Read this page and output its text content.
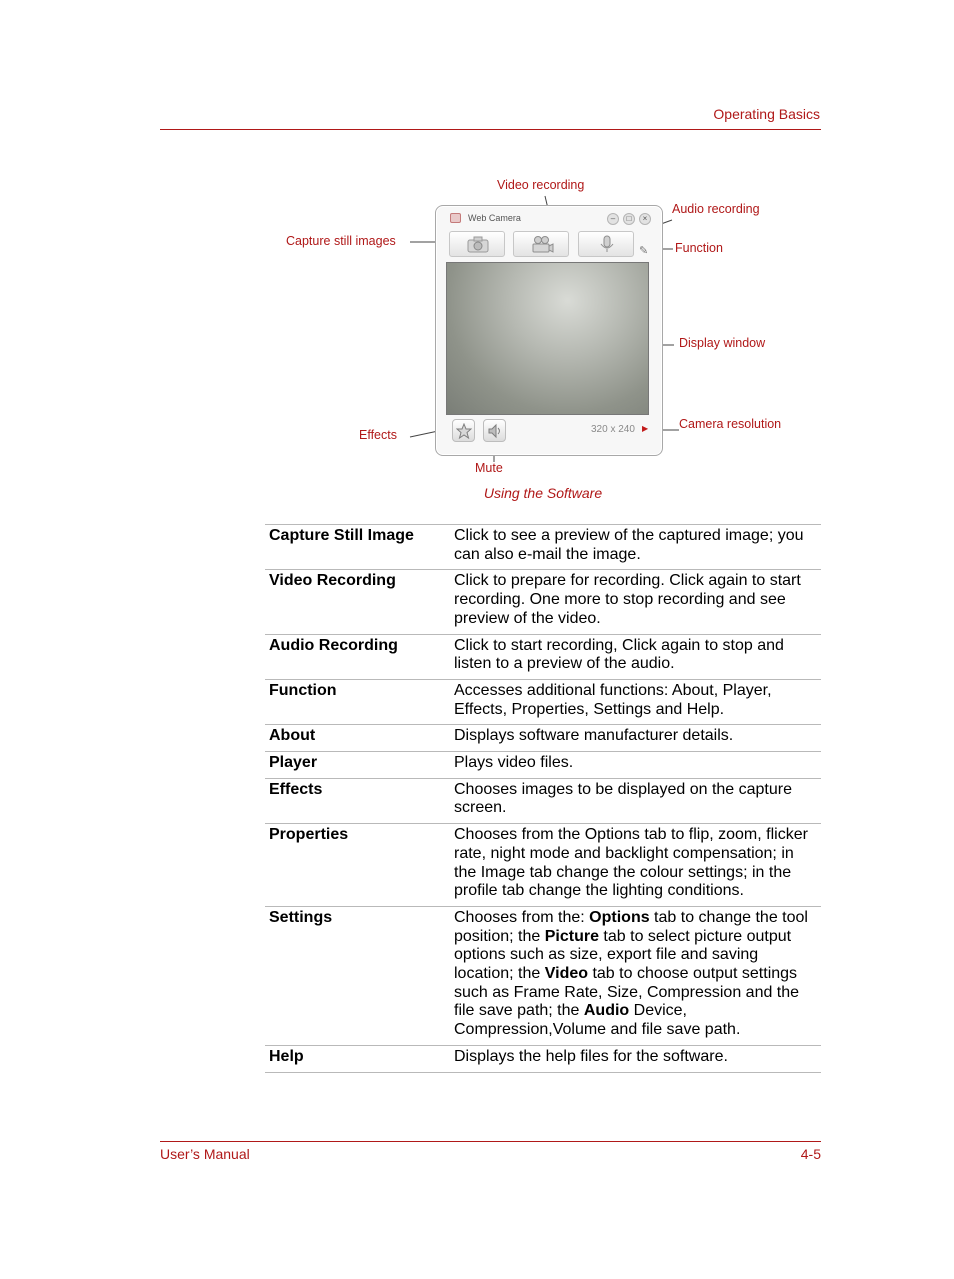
Operating Basics
Web Camera	–	□	×
✎
320 x 240 ▶
Video recording
Audio recording
Capture still images	Function
Display window
Effects
Camera resolution
Mute
Using the Software
Capture Still Image	Click to see a preview of the captured image; you can also e-mail the image.
Video Recording	Click to prepare for recording. Click again to start recording. One more to stop recording and see preview of the video.
Audio Recording	Click to start recording, Click again to stop and listen to a preview of the audio.
Function	Accesses additional functions: About, Player, Effects, Properties, Settings and Help.
About	Displays software manufacturer details.
Player	Plays video files.
Effects	Chooses images to be displayed on the capture screen.
Properties	Chooses from the Options tab to flip, zoom, flicker rate, night mode and backlight compensation; in the Image tab change the colour settings; in the profile tab change the lighting conditions.
Settings	Chooses from the: Options tab to change the tool position; the Picture tab to select picture output options such as size, export file and saving location; the Video tab to choose output settings such as Frame Rate, Size, Compression and the file save path; the Audio Device, Compression,Volume and file save path.
Help	Displays the help files for the software.
User’s Manual	4-5
